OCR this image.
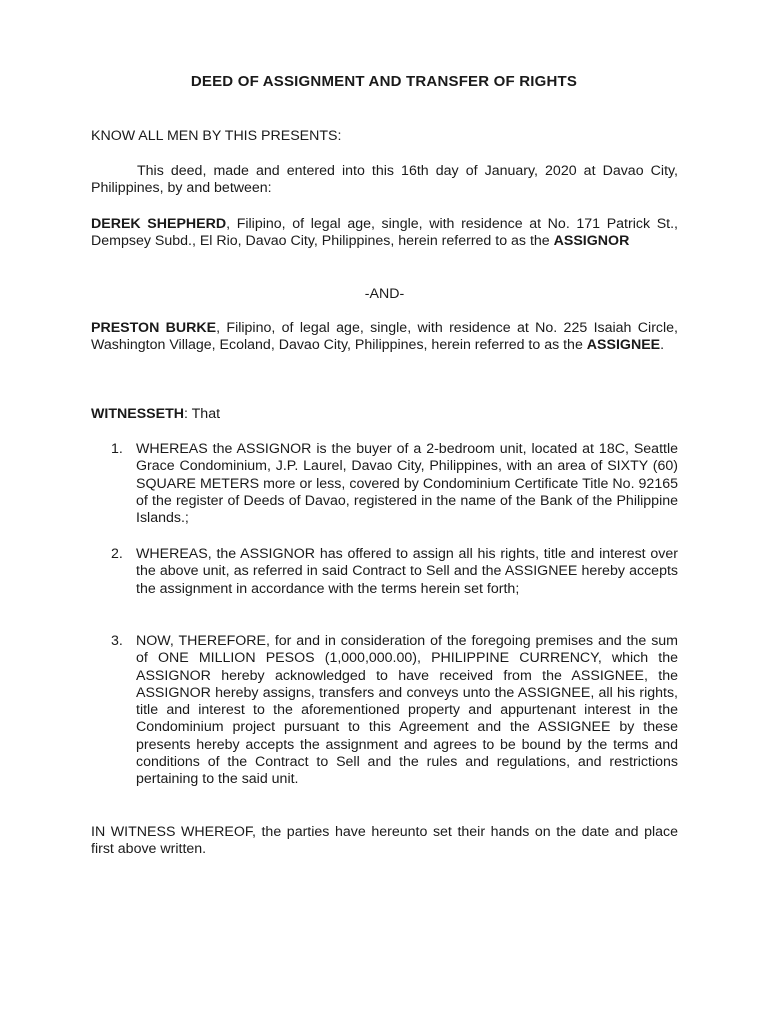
DEED OF ASSIGNMENT AND TRANSFER OF RIGHTS
KNOW ALL MEN BY THIS PRESENTS:
This deed, made and entered into this 16th day of January, 2020 at Davao City, Philippines, by and between:
DEREK SHEPHERD, Filipino, of legal age, single, with residence at No. 171 Patrick St., Dempsey Subd., El Rio, Davao City, Philippines, herein referred to as the ASSIGNOR
-AND-
PRESTON BURKE, Filipino, of legal age, single, with residence at No. 225 Isaiah Circle, Washington Village, Ecoland, Davao City, Philippines, herein referred to as the ASSIGNEE.
WITNESSETH: That
1. WHEREAS the ASSIGNOR is the buyer of a 2-bedroom unit, located at 18C, Seattle Grace Condominium, J.P. Laurel, Davao City, Philippines, with an area of SIXTY (60) SQUARE METERS more or less, covered by Condominium Certificate Title No. 92165 of the register of Deeds of Davao, registered in the name of the Bank of the Philippine Islands.;
2. WHEREAS, the ASSIGNOR has offered to assign all his rights, title and interest over the above unit, as referred in said Contract to Sell and the ASSIGNEE hereby accepts the assignment in accordance with the terms herein set forth;
3. NOW, THEREFORE, for and in consideration of the foregoing premises and the sum of ONE MILLION PESOS (1,000,000.00), PHILIPPINE CURRENCY, which the ASSIGNOR hereby acknowledged to have received from the ASSIGNEE, the ASSIGNOR hereby assigns, transfers and conveys unto the ASSIGNEE, all his rights, title and interest to the aforementioned property and appurtenant interest in the Condominium project pursuant to this Agreement and the ASSIGNEE by these presents hereby accepts the assignment and agrees to be bound by the terms and conditions of the Contract to Sell and the rules and regulations, and restrictions pertaining to the said unit.
IN WITNESS WHEREOF, the parties have hereunto set their hands on the date and place first above written.
